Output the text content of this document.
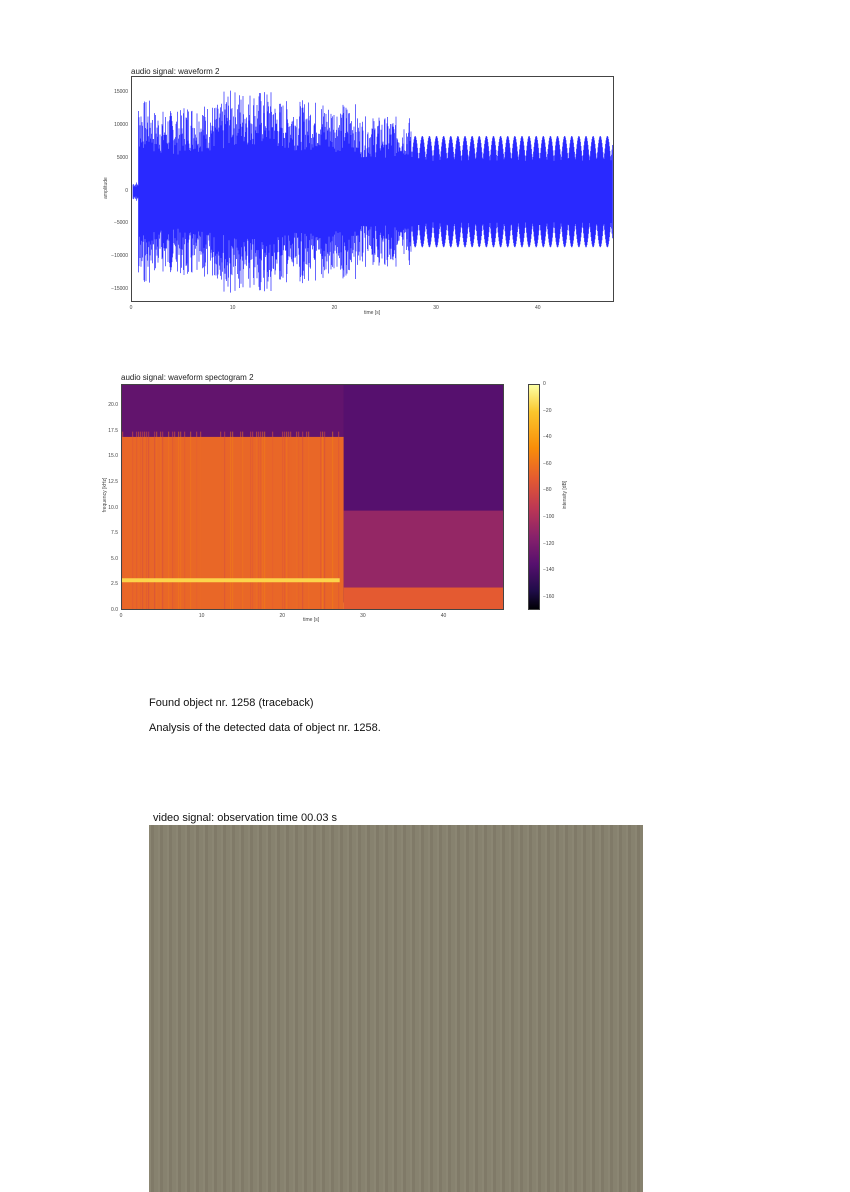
audio signal: waveform 2
−15000
−10000
−5000
0
5000
10000
15000
0	10	20	30	40
time [s]
amplitude
audio signal: waveform spectogram 2
0.0
2.5
5.0
7.5
10.0
12.5
15.0
17.5
20.0
0	10	20	30	40
time [s]
frequency [kHz]
0
−20
−40
−60
−80
−100
−120
−140
−160
intensity [dB]
Found object nr. 1258 (traceback)
Analysis of the detected data of object nr. 1258.
video signal: observation time 00.03 s
